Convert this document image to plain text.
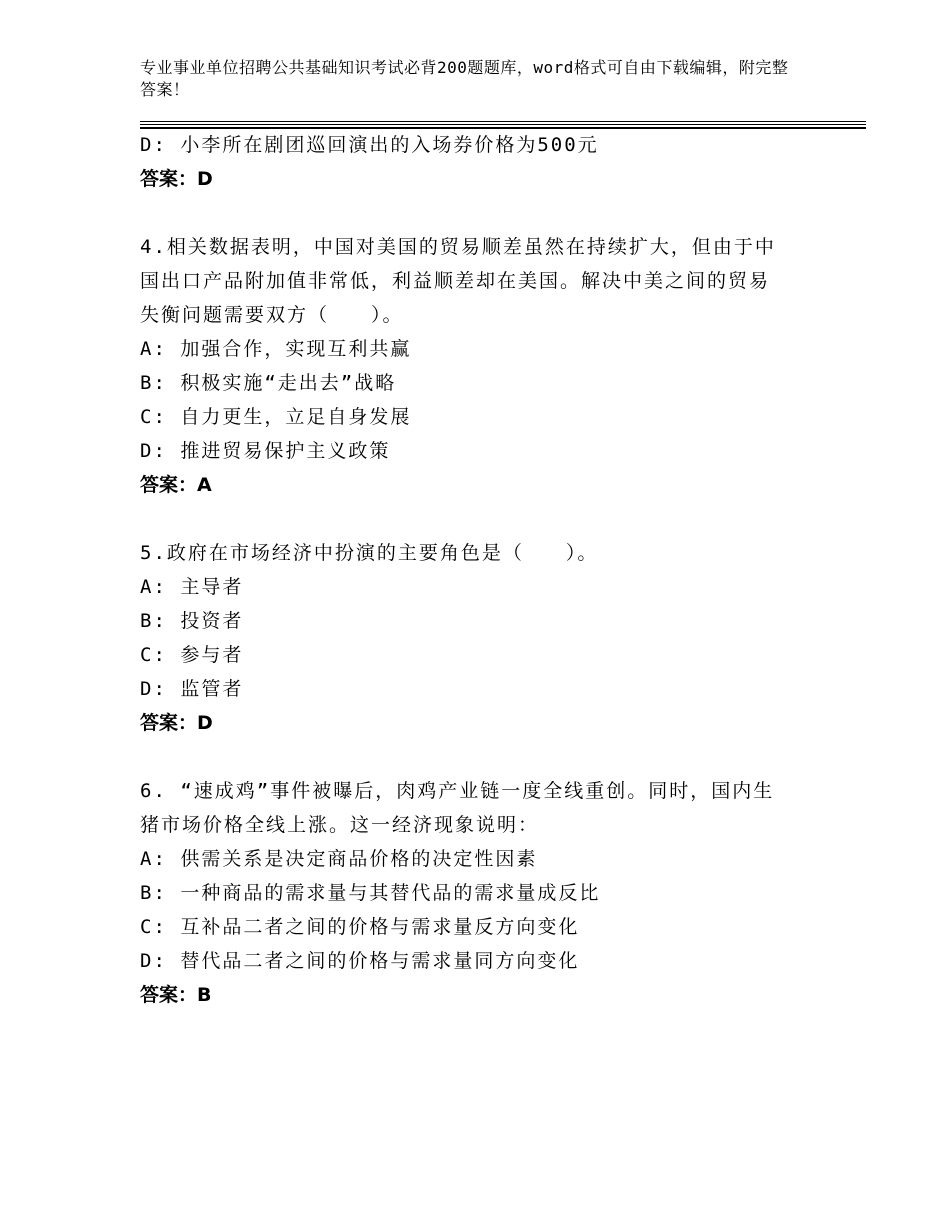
专业事业单位招聘公共基础知识考试必背200题题库，word格式可自由下载编辑，附完整答案！
D: 小李所在剧团巡回演出的入场券价格为500元
答案：D
4.相关数据表明，中国对美国的贸易顺差虽然在持续扩大，但由于中
国出口产品附加值非常低，利益顺差却在美国。解决中美之间的贸易
失衡问题需要双方（　　）。
A: 加强合作，实现互利共赢
B: 积极实施“走出去”战略
C: 自力更生，立足自身发展
D: 推进贸易保护主义政策
答案：A
5.政府在市场经济中扮演的主要角色是（　　）。
A: 主导者
B: 投资者
C: 参与者
D: 监管者
答案：D
6. “速成鸡”事件被曝后，肉鸡产业链一度全线重创。同时，国内生
猪市场价格全线上涨。这一经济现象说明：
A: 供需关系是决定商品价格的决定性因素
B: 一种商品的需求量与其替代品的需求量成反比
C: 互补品二者之间的价格与需求量反方向变化
D: 替代品二者之间的价格与需求量同方向变化
答案：B
